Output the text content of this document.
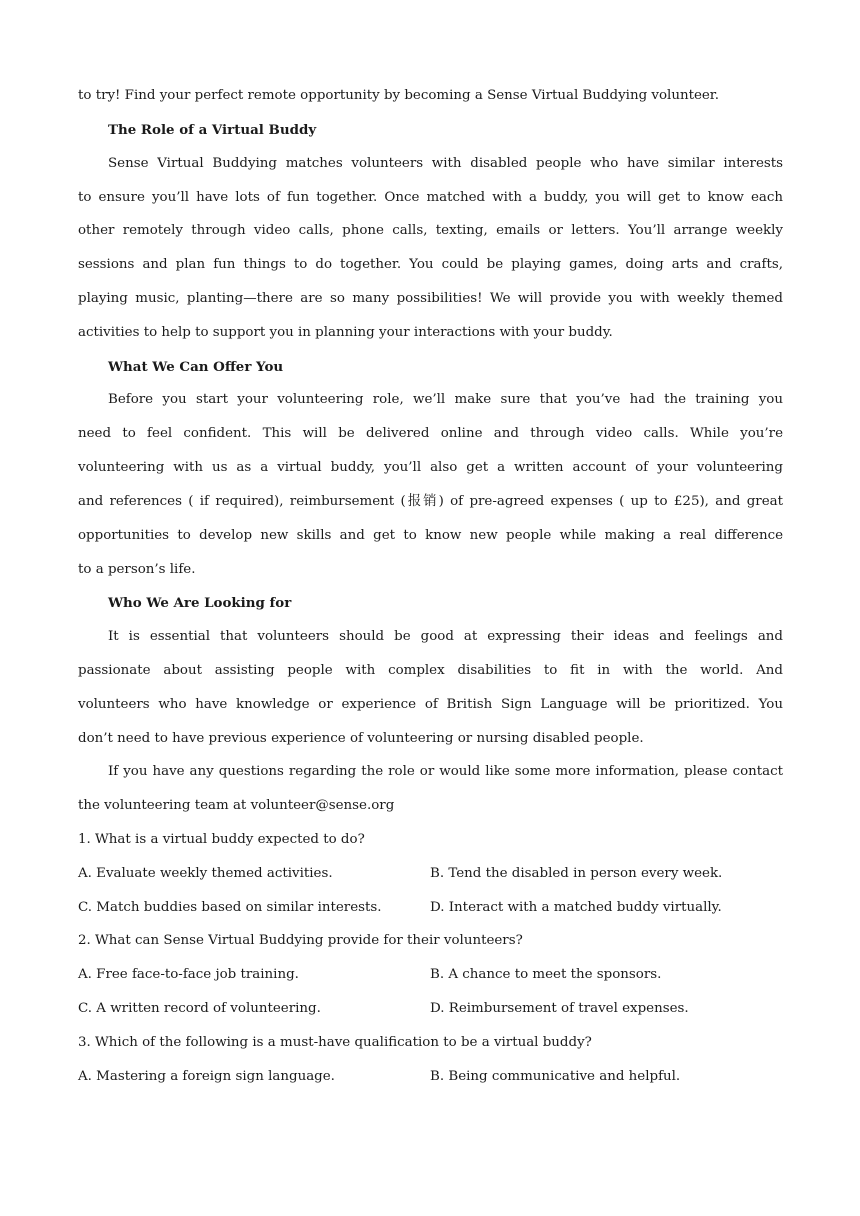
to try! Find your perfect remote opportunity by becoming a Sense Virtual Buddying volunteer.
The Role of a Virtual Buddy
Sense Virtual Buddying matches volunteers with disabled people who have similar interests
to ensure you’ll have lots of fun together. Once matched with a buddy, you will get to know each
other remotely through video calls, phone calls, texting, emails or letters. You’ll arrange weekly
sessions and plan fun things to do together. You could be playing games, doing arts and crafts,
playing music, planting—there are so many possibilities! We will provide you with weekly themed
activities to help to support you in planning your interactions with your buddy.
What We Can Offer You
Before you start your volunteering role, we’ll make sure that you’ve had the training you
need to feel confident. This will be delivered online and through video calls. While you’re
volunteering with us as a virtual buddy, you’ll also get a written account of your volunteering
and references ( if required), reimbursement (报销) of pre-agreed expenses ( up to £25), and great
opportunities to develop new skills and get to know new people while making a real difference
to a person’s life.
Who We Are Looking for
It is essential that volunteers should be good at expressing their ideas and feelings and
passionate about assisting people with complex disabilities to fit in with the world. And
volunteers who have knowledge or experience of British Sign Language will be prioritized. You
don’t need to have previous experience of volunteering or nursing disabled people.
If you have any questions regarding the role or would like some more information, please contact
the volunteering team at volunteer@sense.org
1. What is a virtual buddy expected to do?
A. Evaluate weekly themed activities.	B. Tend the disabled in person every week.
C. Match buddies based on similar interests.	D. Interact with a matched buddy virtually.
2. What can Sense Virtual Buddying provide for their volunteers?
A. Free face-to-face job training.	B. A chance to meet the sponsors.
C. A written record of volunteering.	D. Reimbursement of travel expenses.
3. Which of the following is a must-have qualification to be a virtual buddy?
A. Mastering a foreign sign language.	B. Being communicative and helpful.
